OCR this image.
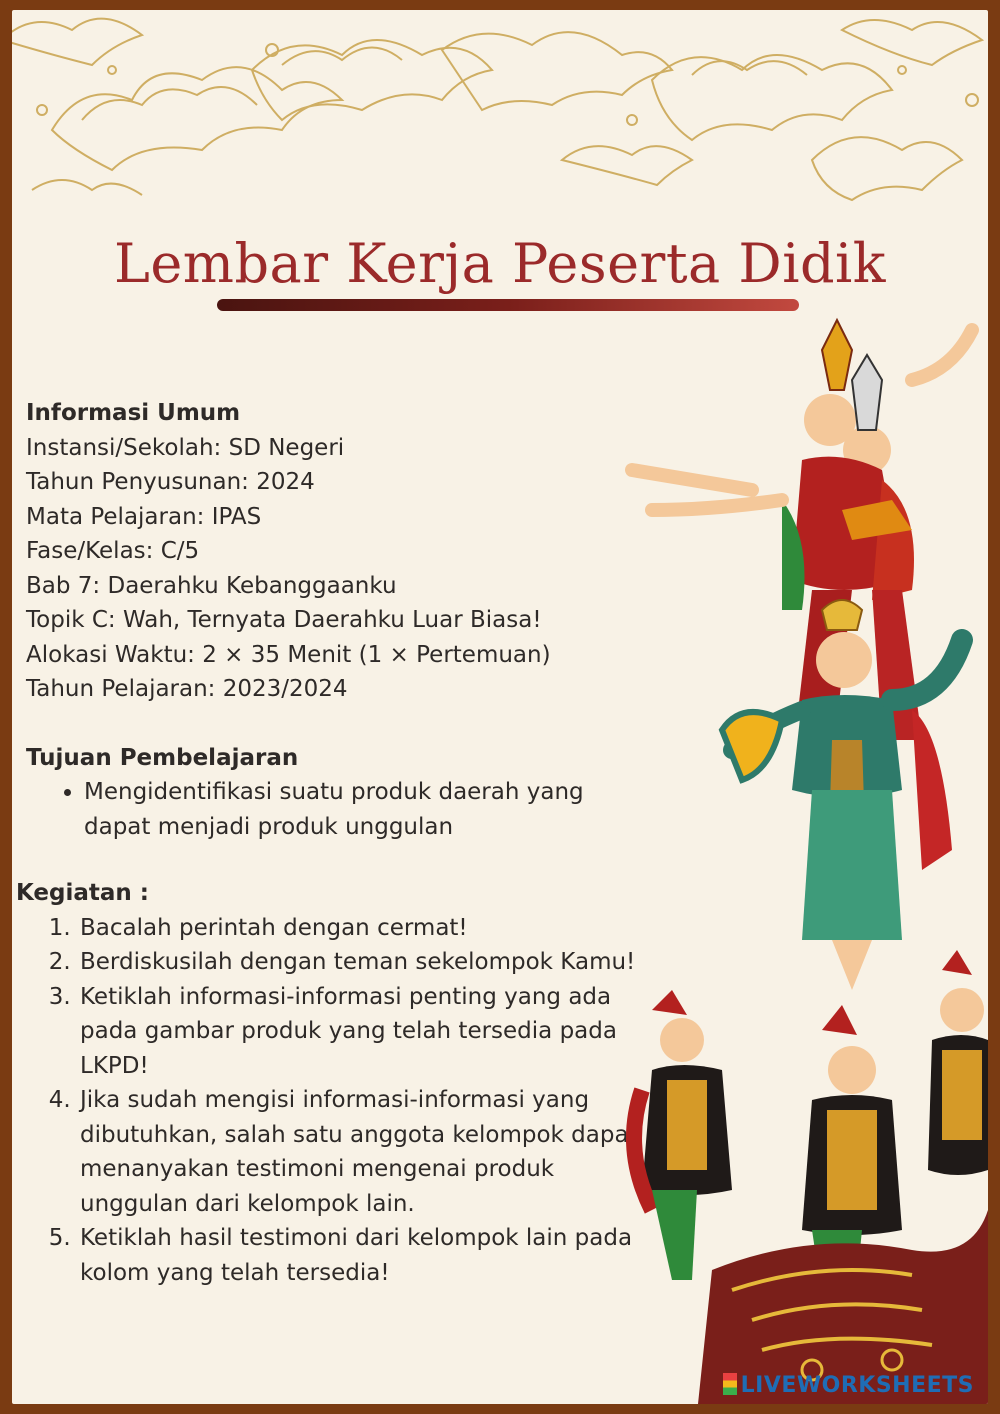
Lembar Kerja Peserta Didik

Informasi Umum

Instansi/Sekolah: SD Negeri

Tahun Penyusunan: 2024

Mata Pelajaran: IPAS

Fase/Kelas: C/5

Bab 7: Daerahku Kebanggaanku

Topik C: Wah, Ternyata Daerahku Luar Biasa!

Alokasi Waktu: 2 × 35 Menit (1 × Pertemuan)

Tahun Pelajaran: 2023/2024

Tujuan Pembelajaran

• Mengidentifikasi suatu produk daerah yang dapat menjadi produk unggulan

Kegiatan :

1. Bacalah perintah dengan cermat!
2. Berdiskusilah dengan teman sekelompok Kamu!
3. Ketiklah informasi-informasi penting yang ada pada gambar produk yang telah tersedia pada LKPD!
4. Jika sudah mengisi informasi-informasi yang dibutuhkan, salah satu anggota kelompok dapat menanyakan testimoni mengenai produk unggulan dari kelompok lain.
5. Ketiklah hasil testimoni dari kelompok lain pada kolom yang telah tersedia!
LIVEWORKSHEETS
